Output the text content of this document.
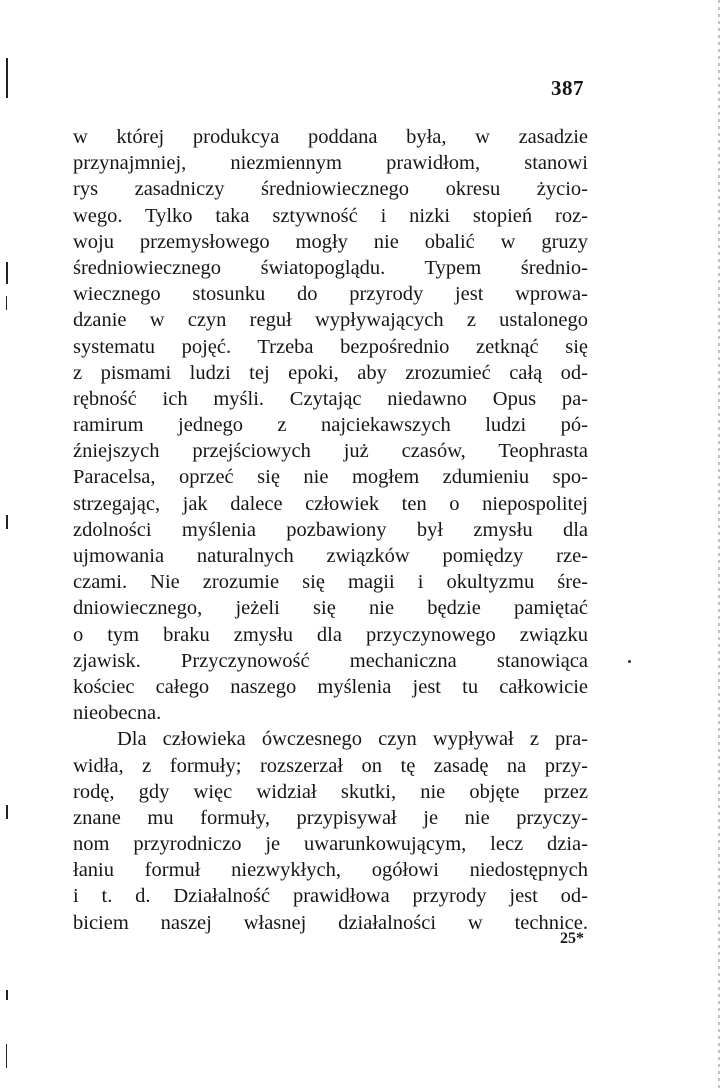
387
w której produkcya poddana była, w zasadzie
przynajmniej, niezmiennym prawidłom, stanowi
rys zasadniczy średniowiecznego okresu życio-
wego. Tylko taka sztywność i nizki stopień roz-
woju przemysłowego mogły nie obalić w gruzy
średniowiecznego światopoglądu. Typem średnio-
wiecznego stosunku do przyrody jest wprowa-
dzanie w czyn reguł wypływających z ustalonego
systematu pojęć. Trzeba bezpośrednio zetknąć się
z pismami ludzi tej epoki, aby zrozumieć całą od-
rębność ich myśli. Czytając niedawno Opus pa-
ramirum jednego z najciekawszych ludzi pó-
źniejszych przejściowych już czasów, Teophrasta
Paracelsa, oprzeć się nie mogłem zdumieniu spo-
strzegając, jak dalece człowiek ten o niepospolitej
zdolności myślenia pozbawiony był zmysłu dla
ujmowania naturalnych związków pomiędzy rze-
czami. Nie zrozumie się magii i okultyzmu śre-
dniowiecznego, jeżeli się nie będzie pamiętać
o tym braku zmysłu dla przyczynowego związku
zjawisk. Przyczynowość mechaniczna stanowiąca
kościec całego naszego myślenia jest tu całkowicie
nieobecna.
Dla człowieka ówczesnego czyn wypływał z pra-
widła, z formuły; rozszerzał on tę zasadę na przy-
rodę, gdy więc widział skutki, nie objęte przez
znane mu formuły, przypisywał je nie przyczy-
nom przyrodniczo je uwarunkowującym, lecz dzia-
łaniu formuł niezwykłych, ogółowi niedostępnych
i t. d. Działalność prawidłowa przyrody jest od-
biciem naszej własnej działalności w technice.
25*
